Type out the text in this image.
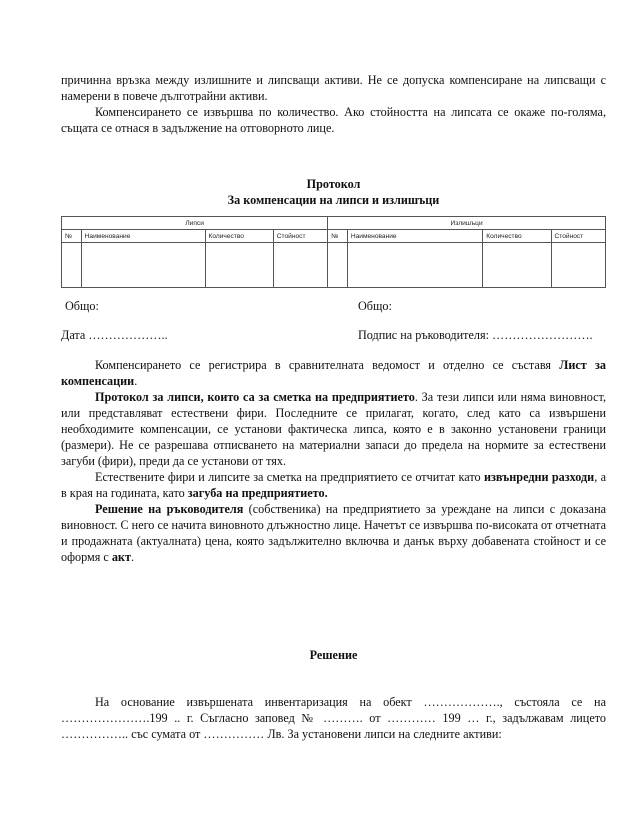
причинна връзка между излишните и липсващи активи. Не се допуска компенсиране на липсващи с намерени в повече дълготрайни активи.

Компенсирането се извършва по количество. Ако стойността на липсата се окаже по-голяма, същата се отнася в задължение на отговорното лице.

Протокол
За компенсации на липси и излишъци
Липси				Излишъци			
№	Наименование	Количество	Стойност	№	Наименование	Количество	Стойност

Общо:	Общо:
Дата ………………..	Подпис на ръководителя: …………………….

Компенсирането се регистрира в сравнителната ведомост и отделно се съставя Лист за компенсации.

Протокол за липси, които са за сметка на предприятието. За тези липси или няма виновност, или представляват естествени фири. Последните се прилагат, когато, след като са извършени необходимите компенсации, се установи фактическа липса, която е в законно установени граници (размери). Не се разрешава отписването на материални запаси до предела на нормите за естествени загуби (фири), преди да се установи от тях.

Естествените фири и липсите за сметка на предприятието се отчитат като извънредни разходи, а в края на годината, като загуба на предприятието.

Решение на ръководителя (собственика) на предприятието за уреждане на липси с доказана виновност. С него се начита виновното длъжностно лице. Начетът се извършва по-високата от отчетната и продажната (актуалната) цена, която задължително включва и данък върху добавената стойност и се оформя с акт.

Решение

На основание извършената инвентаризация на обект ………………., състояла се на ………………….199 .. г. Съгласно заповед № ………. от ………… 199 … г., задължавам лицето …………….. със сумата от …………… Лв. За установени липси на следните активи:
